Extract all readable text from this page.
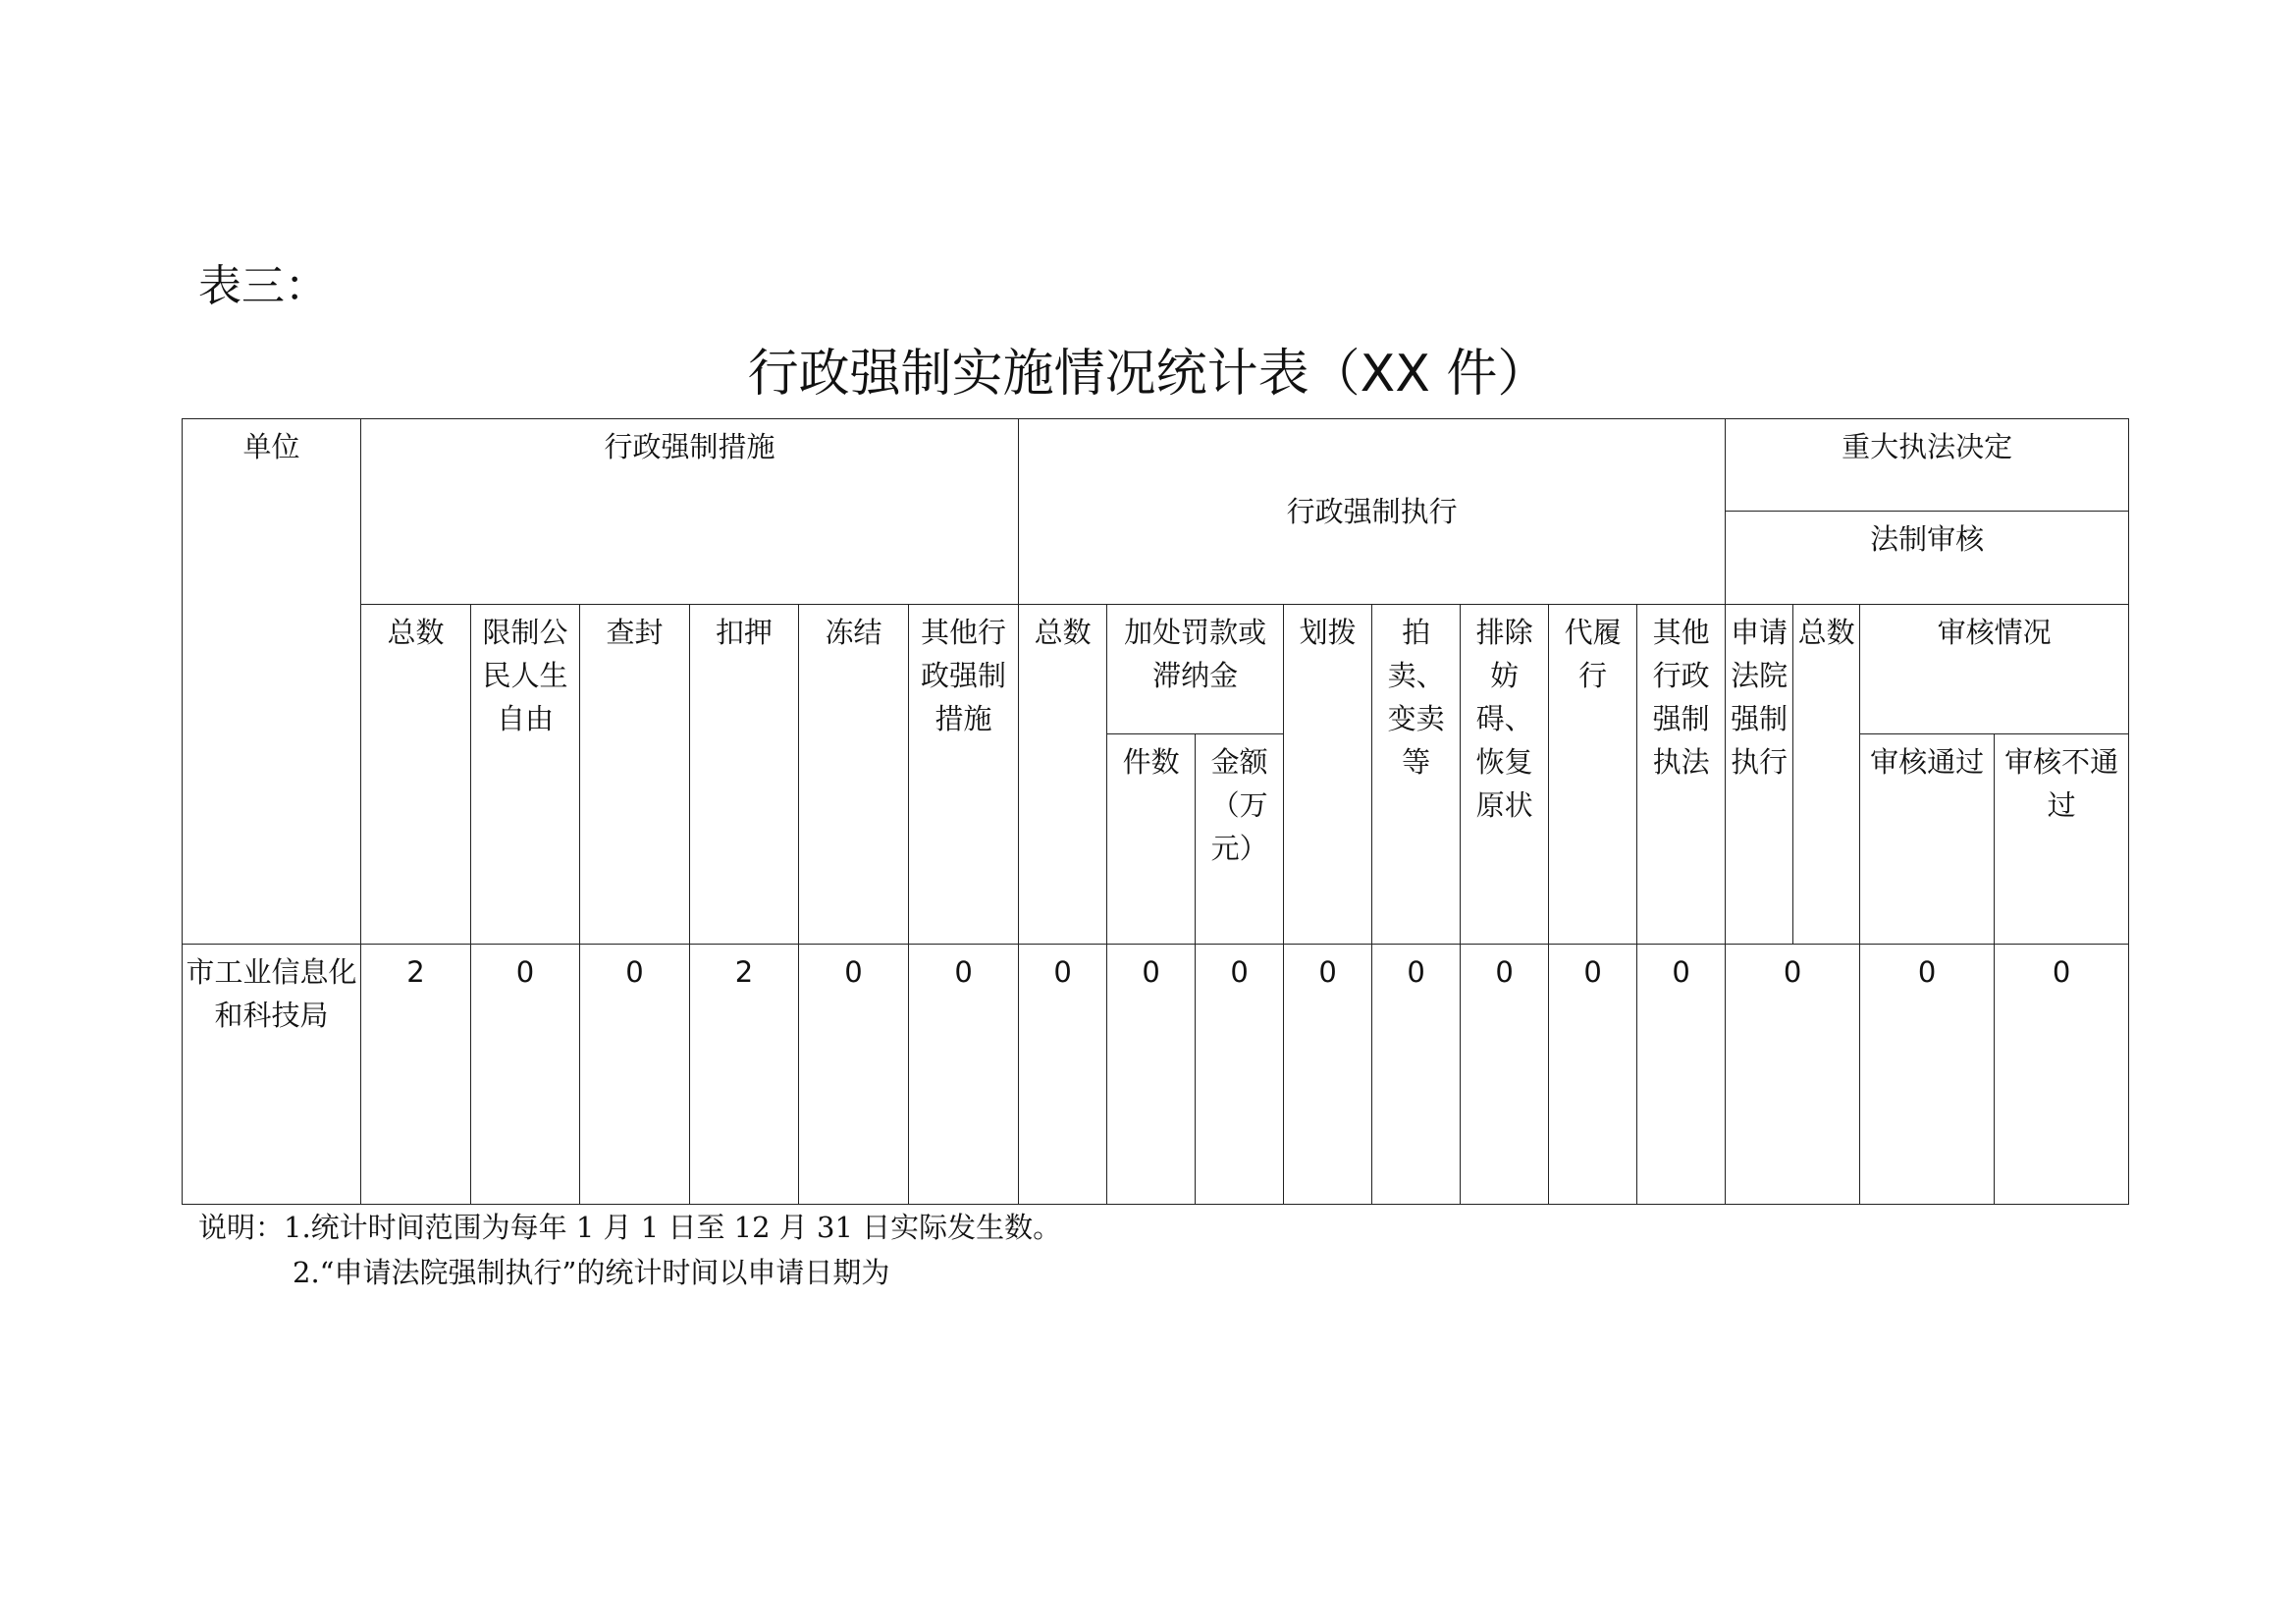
表三：
行政强制实施情况统计表（XX 件）
单位	行政强制措施						行政强制执行								重大执法决定			
															法制审核			
	总数	限制公民人生自由	查封	扣押	冻结	其他行政强制措施	总数	加处罚款或滞纳金		划拨	拍卖、变卖等	排除妨碍、恢复原状	代履行	其他行政强制执法	申请法院强制执行	总数	审核情况	
								件数	金额（万元）								审核通过	审核不通过

市工业信息化和科技局	2	0	0	2	0	0	0	0	0	0	0	0	0	0	0		0	0
说明：1.统计时间范围为每年 1 月 1 日至 12 月 31 日实际发生数。
2.“申请法院强制执行”的统计时间以申请日期为
